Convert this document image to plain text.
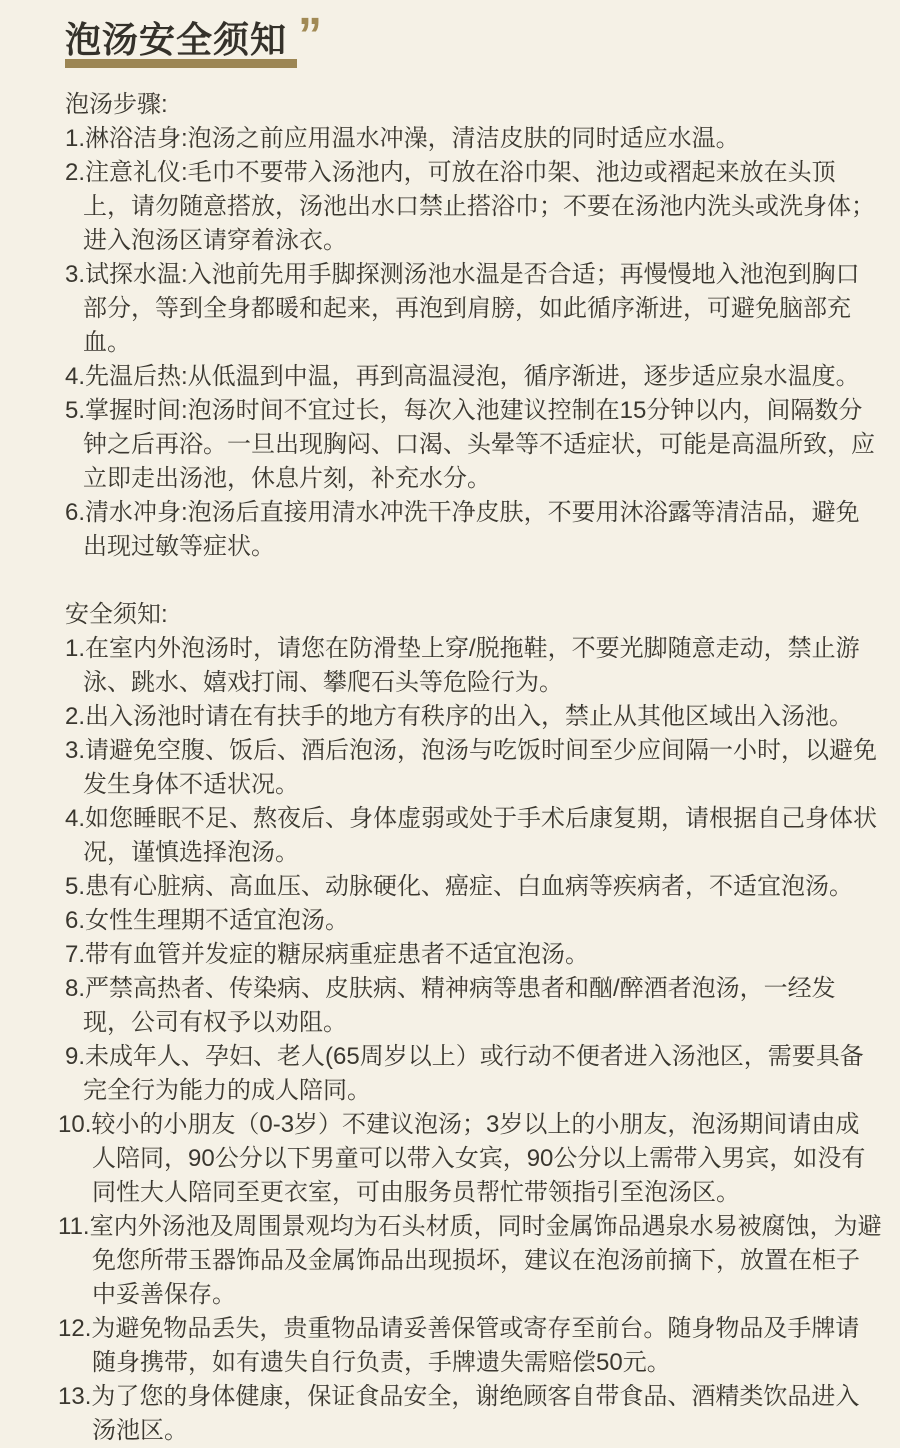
泡汤安全须知 ”

泡汤步骤:

1.淋浴洁身:泡汤之前应用温水冲澡，清洁皮肤的同时适应水温。

2.注意礼仪:毛巾不要带入汤池内，可放在浴巾架、池边或褶起来放在头顶上，请勿随意搭放，汤池出水口禁止搭浴巾；不要在汤池内洗头或洗身体；进入泡汤区请穿着泳衣。

3.试探水温:入池前先用手脚探测汤池水温是否合适；再慢慢地入池泡到胸口部分，等到全身都暖和起来，再泡到肩膀，如此循序渐进，可避免脑部充血。

4.先温后热:从低温到中温，再到高温浸泡，循序渐进，逐步适应泉水温度。

5.掌握时间:泡汤时间不宜过长，每次入池建议控制在15分钟以内，间隔数分钟之后再浴。一旦出现胸闷、口渴、头晕等不适症状，可能是高温所致，应立即走出汤池，休息片刻，补充水分。

6.清水冲身:泡汤后直接用清水冲洗干净皮肤，不要用沐浴露等清洁品，避免出现过敏等症状。

安全须知:

1.在室内外泡汤时，请您在防滑垫上穿/脱拖鞋，不要光脚随意走动，禁止游泳、跳水、嬉戏打闹、攀爬石头等危险行为。

2.出入汤池时请在有扶手的地方有秩序的出入，禁止从其他区域出入汤池。

3.请避免空腹、饭后、酒后泡汤，泡汤与吃饭时间至少应间隔一小时，以避免发生身体不适状况。

4.如您睡眠不足、熬夜后、身体虚弱或处于手术后康复期，请根据自己身体状况，谨慎选择泡汤。

5.患有心脏病、高血压、动脉硬化、癌症、白血病等疾病者，不适宜泡汤。

6.女性生理期不适宜泡汤。

7.带有血管并发症的糖尿病重症患者不适宜泡汤。

8.严禁高热者、传染病、皮肤病、精神病等患者和酗/醉酒者泡汤，一经发现，公司有权予以劝阻。

9.未成年人、孕妇、老人(65周岁以上）或行动不便者进入汤池区，需要具备完全行为能力的成人陪同。

10.较小的小朋友（0-3岁）不建议泡汤；3岁以上的小朋友，泡汤期间请由成人陪同，90公分以下男童可以带入女宾，90公分以上需带入男宾，如没有同性大人陪同至更衣室，可由服务员帮忙带领指引至泡汤区。

11.室内外汤池及周围景观均为石头材质，同时金属饰品遇泉水易被腐蚀，为避免您所带玉器饰品及金属饰品出现损坏，建议在泡汤前摘下，放置在柜子中妥善保存。

12.为避免物品丢失，贵重物品请妥善保管或寄存至前台。随身物品及手牌请随身携带，如有遗失自行负责，手牌遗失需赔偿50元。

13.为了您的身体健康，保证食品安全，谢绝顾客自带食品、酒精类饮品进入汤池区。
